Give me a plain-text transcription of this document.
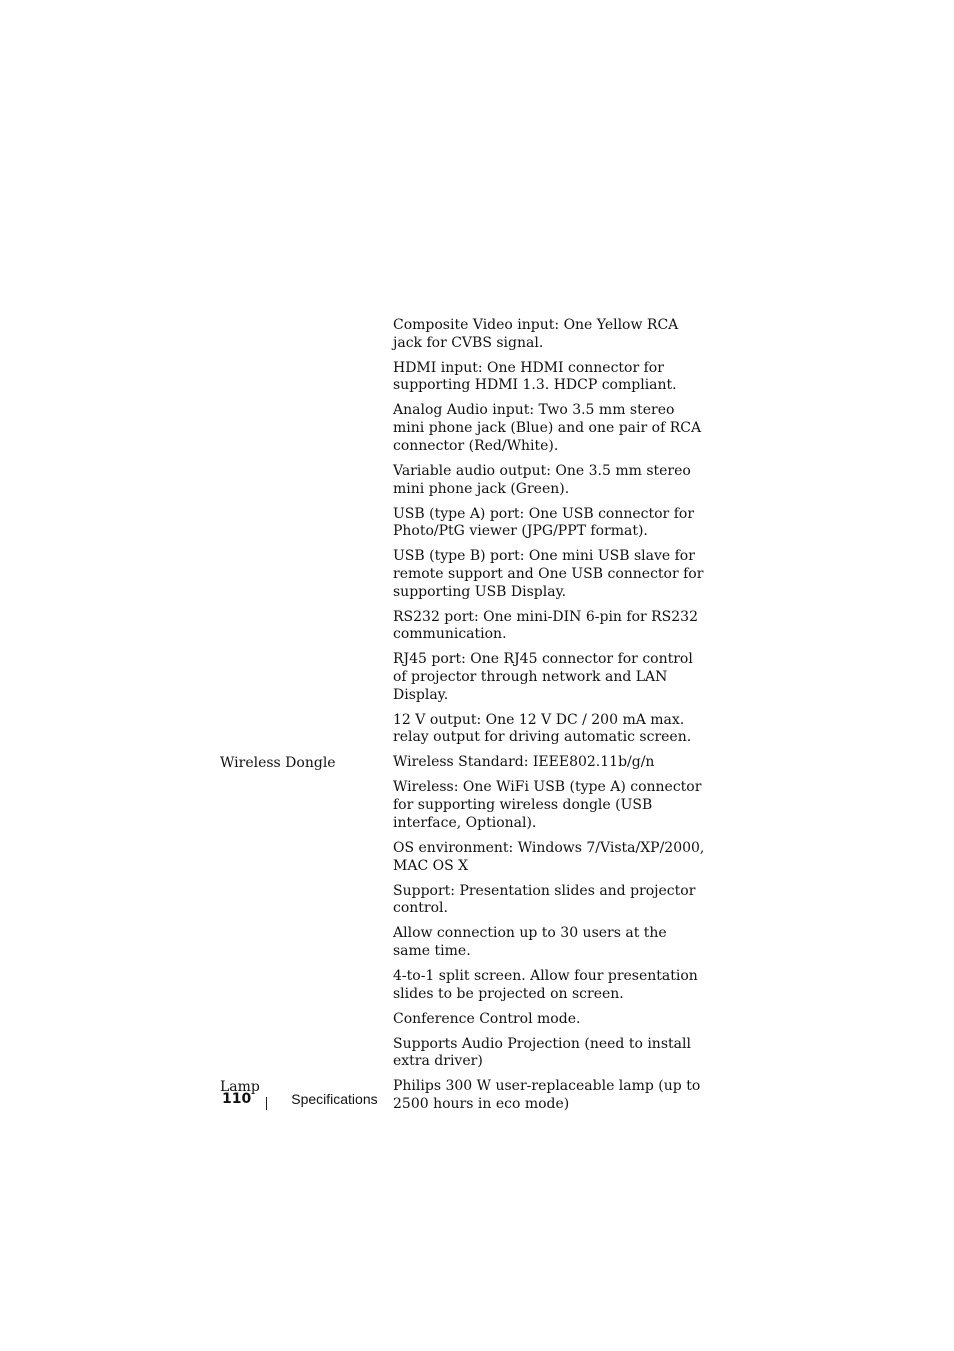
Composite Video input: One Yellow RCA jack for CVBS signal.

HDMI input: One HDMI connector for supporting HDMI 1.3. HDCP compliant.

Analog Audio input: Two 3.5 mm stereo mini phone jack (Blue) and one pair of RCA connector (Red/White).

Variable audio output: One 3.5 mm stereo mini phone jack (Green).

USB (type A) port: One USB connector for Photo/PtG viewer (JPG/PPT format).

USB (type B) port: One mini USB slave for remote support and One USB connector for supporting USB Display.

RS232 port: One mini-DIN 6-pin for RS232 communication.

RJ45 port: One RJ45 connector for control of projector through network and LAN Display.

12 V output: One 12 V DC / 200 mA max. relay output for driving automatic screen.

Wireless Dongle	Wireless Standard: IEEE802.11b/g/n

Wireless: One WiFi USB (type A) connector for supporting wireless dongle (USB interface, Optional).

OS environment: Windows 7/Vista/XP/2000, MAC OS X

Support: Presentation slides and projector control.

Allow connection up to 30 users at the same time.

4-to-1 split screen. Allow four presentation slides to be projected on screen.

Conference Control mode.

Supports Audio Projection (need to install extra driver)

Lamp	Philips 300 W user-replaceable lamp (up to 2500 hours in eco mode)

110	Specifications
